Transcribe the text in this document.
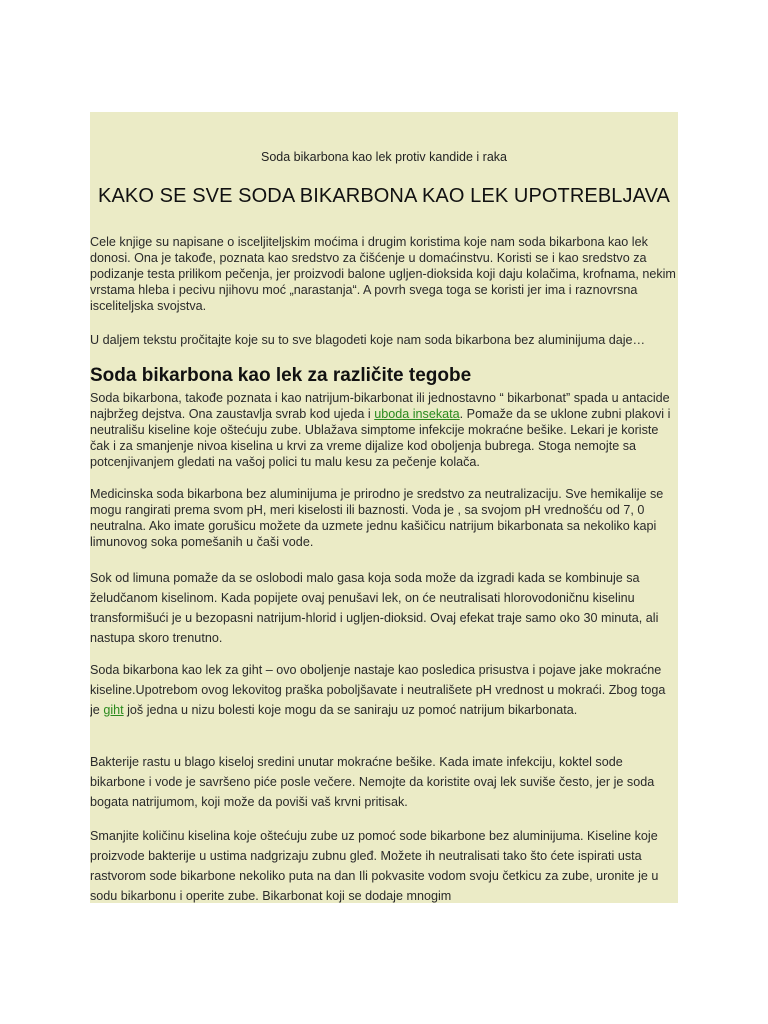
Soda bikarbona kao lek protiv kandide i raka
KAKO SE SVE SODA BIKARBONA KAO LEK UPOTREBLJAVA

Cele knjige su napisane o isceljiteljskim moćima i drugim koristima koje nam soda bikarbona kao lek donosi. Ona je takođe, poznata kao sredstvo za čišćenje u domaćinstvu. Koristi se i kao sredstvo za podizanje testa prilikom pečenja, jer proizvodi balone ugljen-dioksida koji daju kolačima, krofnama, nekim vrstama hleba i pecivu njihovu moć „narastanja“. A povrh svega toga se koristi jer ima i raznovrsna isceliteljska svojstva.

U daljem tekstu pročitajte koje su to sve blagodeti koje nam soda bikarbona bez aluminijuma daje…

Soda bikarbona kao lek za različite tegobe

Soda bikarbona, takođe poznata i kao natrijum-bikarbonat ili jednostavno “ bikarbonat” spada u antacide najbržeg dejstva. Ona zaustavlja svrab kod ujeda i uboda insekata. Pomaže da se uklone zubni plakovi i neutrališu kiseline koje oštećuju zube. Ublažava simptome infekcije mokraćne bešike. Lekari je koriste čak i za smanjenje nivoa kiselina u krvi za vreme dijalize kod oboljenja bubrega. Stoga nemojte sa potcenjivanjem gledati na vašoj polici tu malu kesu za pečenje kolača.

Medicinska soda bikarbona bez aluminijuma je prirodno je sredstvo za neutralizaciju. Sve hemikalije se mogu rangirati prema svom pH, meri kiselosti ili baznosti. Voda je , sa svojom pH vrednošću od 7, 0 neutralna. Ako imate gorušicu možete da uzmete jednu kašičicu natrijum bikarbonata sa nekoliko kapi limunovog soka pomešanih u čaši vode.

Sok od limuna pomaže da se oslobodi malo gasa koja soda može da izgradi kada se kombinuje sa želudčanom kiselinom. Kada popijete ovaj penušavi lek, on će neutralisati hlorovodoničnu kiselinu transformišući je u bezopasni natrijum-hlorid i ugljen-dioksid. Ovaj efekat traje samo oko 30 minuta, ali nastupa skoro trenutno.

Soda bikarbona kao lek za giht – ovo oboljenje nastaje kao posledica prisustva i pojave jake mokraćne kiseline.Upotrebom ovog lekovitog praška poboljšavate i neutrališete pH vrednost u mokraći. Zbog toga je giht još jedna u nizu bolesti koje mogu da se saniraju uz pomoć natrijum bikarbonata.

Bakterije rastu u blago kiseloj sredini unutar mokraćne bešike. Kada imate infekciju, koktel sode bikarbone i vode je savršeno piće posle večere. Nemojte da koristite ovaj lek suviše često, jer je soda bogata natrijumom, koji može da poviši vaš krvni pritisak.

Smanjite količinu kiselina koje oštećuju zube uz pomoć sode bikarbone bez aluminijuma. Kiseline koje proizvode bakterije u ustima nadgrizaju zubnu gleđ. Možete ih neutralisati tako što ćete ispirati usta rastvorom sode bikarbone nekoliko puta na dan Ili pokvasite vodom svoju četkicu za zube, uronite je u sodu bikarbonu i operite zube. Bikarbonat koji se dodaje mnogim
